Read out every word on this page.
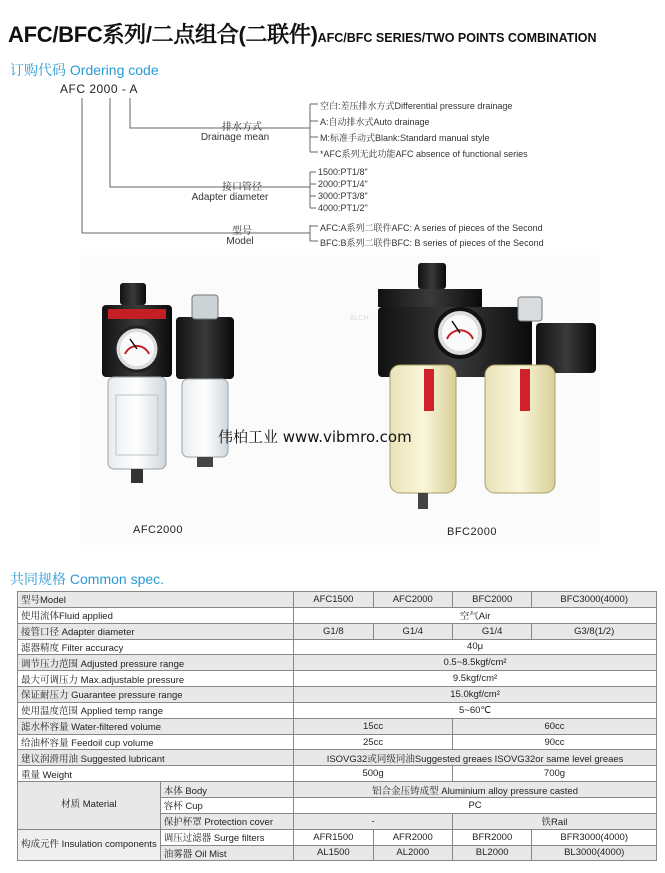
AFC/BFC系列/二点组合(二联件)AFC/BFC SERIES/TWO POINTS COMBINATION
订购代码 Ordering code
AFC 2000 - A
排水方式
Drainage mean
接口管径
Adapter diameter
型号
Model
空白:差压排水方式Differential pressure drainage
A:自动排水式Auto drainage
M:标准手动式Blank:Standard manual style
*AFC系列无此功能AFC absence of functional series
1500:PT1/8"
2000:PT1/4"
3000:PT3/8"
4000:PT1/2"
AFC:A系列二联件AFC: A series of pieces of the Second
BFC:B系列二联件BFC: B series of pieces of the Second
伟柏工业 www.vibmro.com
AFC2000	BFC2000
共同规格 Common spec.
型号Model		AFC1500	AFC2000	BFC2000	BFC3000(4000)
使用流体Fluid applied		空气Air			
接管口径 Adapter diameter		G1/8	G1/4	G1/4	G3/8(1/2)
滤器精度 Filter accuracy		40μ			
调节压力范围 Adjusted pressure range		0.5~8.5kgf/cm²			
最大可调压力 Max.adjustable pressure		9.5kgf/cm²			
保证耐压力 Guarantee pressure range		15.0kgf/cm²			
使用温度范围 Applied temp range		5~60℃			
滤水杯容量 Water-filtered volume		15cc		60cc	
给油杯容量 Feedoil cup volume		25cc		90cc	
建议润滑用油 Suggested lubricant		ISOVG32或同级同油Suggested greaes ISOVG32or same level greaes			
重量 Weight		500g		700g	
材质 Material	本体 Body	铝合金压铸成型 Aluminium alloy pressure casted			
	容杯 Cup	PC			
	保护杯罩 Protection cover	-		铁Rail	
构成元件 Insulation components	调压过滤器 Surge filters	AFR1500	AFR2000	BFR2000	BFR3000(4000)
	油雾器 Oil Mist	AL1500	AL2000	BL2000	BL3000(4000)
BLCH
